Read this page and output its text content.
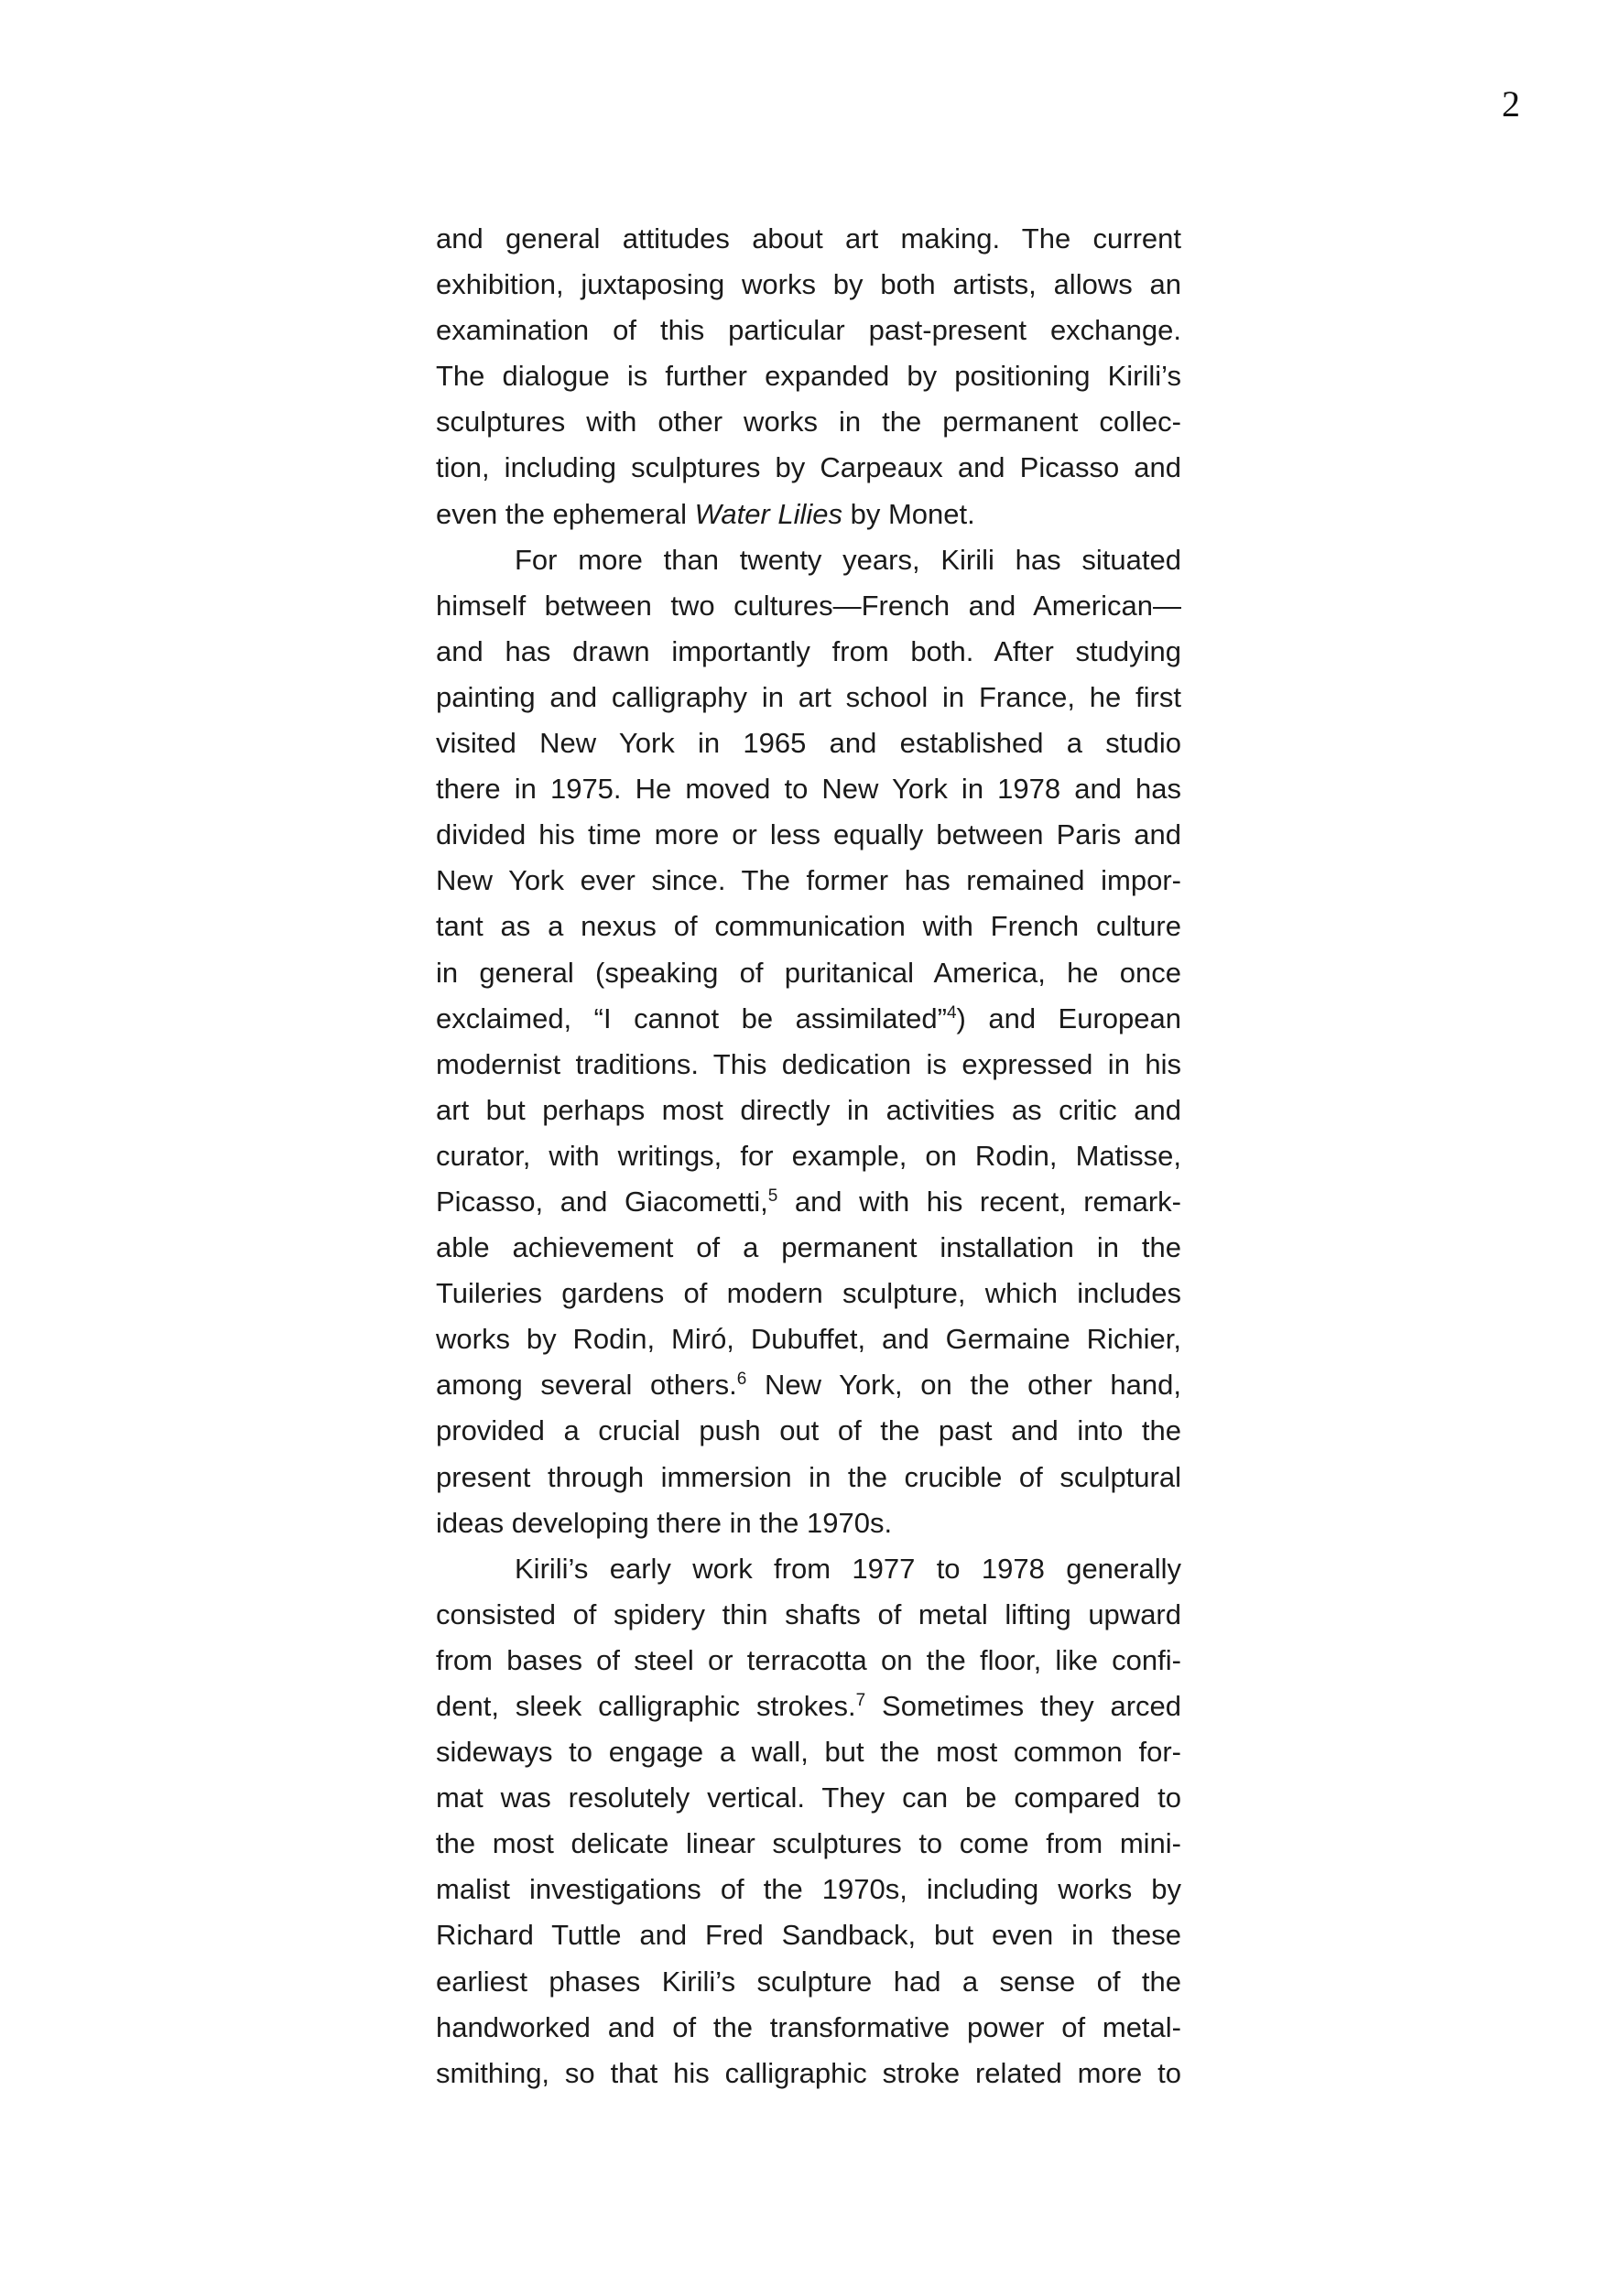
2
and general attitudes about art making. The current
exhibition, juxtaposing works by both artists, allows an
examination of this particular past-present exchange.
The dialogue is further expanded by positioning Kirili’s
sculptures with other works in the permanent collec-
tion, including sculptures by Carpeaux and Picasso and
even the ephemeral Water Lilies by Monet.
For more than twenty years, Kirili has situated
himself between two cultures—French and American—
and has drawn importantly from both. After studying
painting and calligraphy in art school in France, he first
visited New York in 1965 and established a studio
there in 1975. He moved to New York in 1978 and has
divided his time more or less equally between Paris and
New York ever since. The former has remained impor-
tant as a nexus of communication with French culture
in general (speaking of puritanical America, he once
exclaimed, “I cannot be assimilated”$^4$) and European
modernist traditions. This dedication is expressed in his
art but perhaps most directly in activities as critic and
curator, with writings, for example, on Rodin, Matisse,
Picasso, and Giacometti,$^5$ and with his recent, remark-
able achievement of a permanent installation in the
Tuileries gardens of modern sculpture, which includes
works by Rodin, Miró, Dubuffet, and Germaine Richier,
among several others.$^6$ New York, on the other hand,
provided a crucial push out of the past and into the
present through immersion in the crucible of sculptural
ideas developing there in the 1970s.
Kirili’s early work from 1977 to 1978 generally
consisted of spidery thin shafts of metal lifting upward
from bases of steel or terracotta on the floor, like confi-
dent, sleek calligraphic strokes.$^7$ Sometimes they arced
sideways to engage a wall, but the most common for-
mat was resolutely vertical. They can be compared to
the most delicate linear sculptures to come from mini-
malist investigations of the 1970s, including works by
Richard Tuttle and Fred Sandback, but even in these
earliest phases Kirili’s sculpture had a sense of the
handworked and of the transformative power of metal-
smithing, so that his calligraphic stroke related more to
